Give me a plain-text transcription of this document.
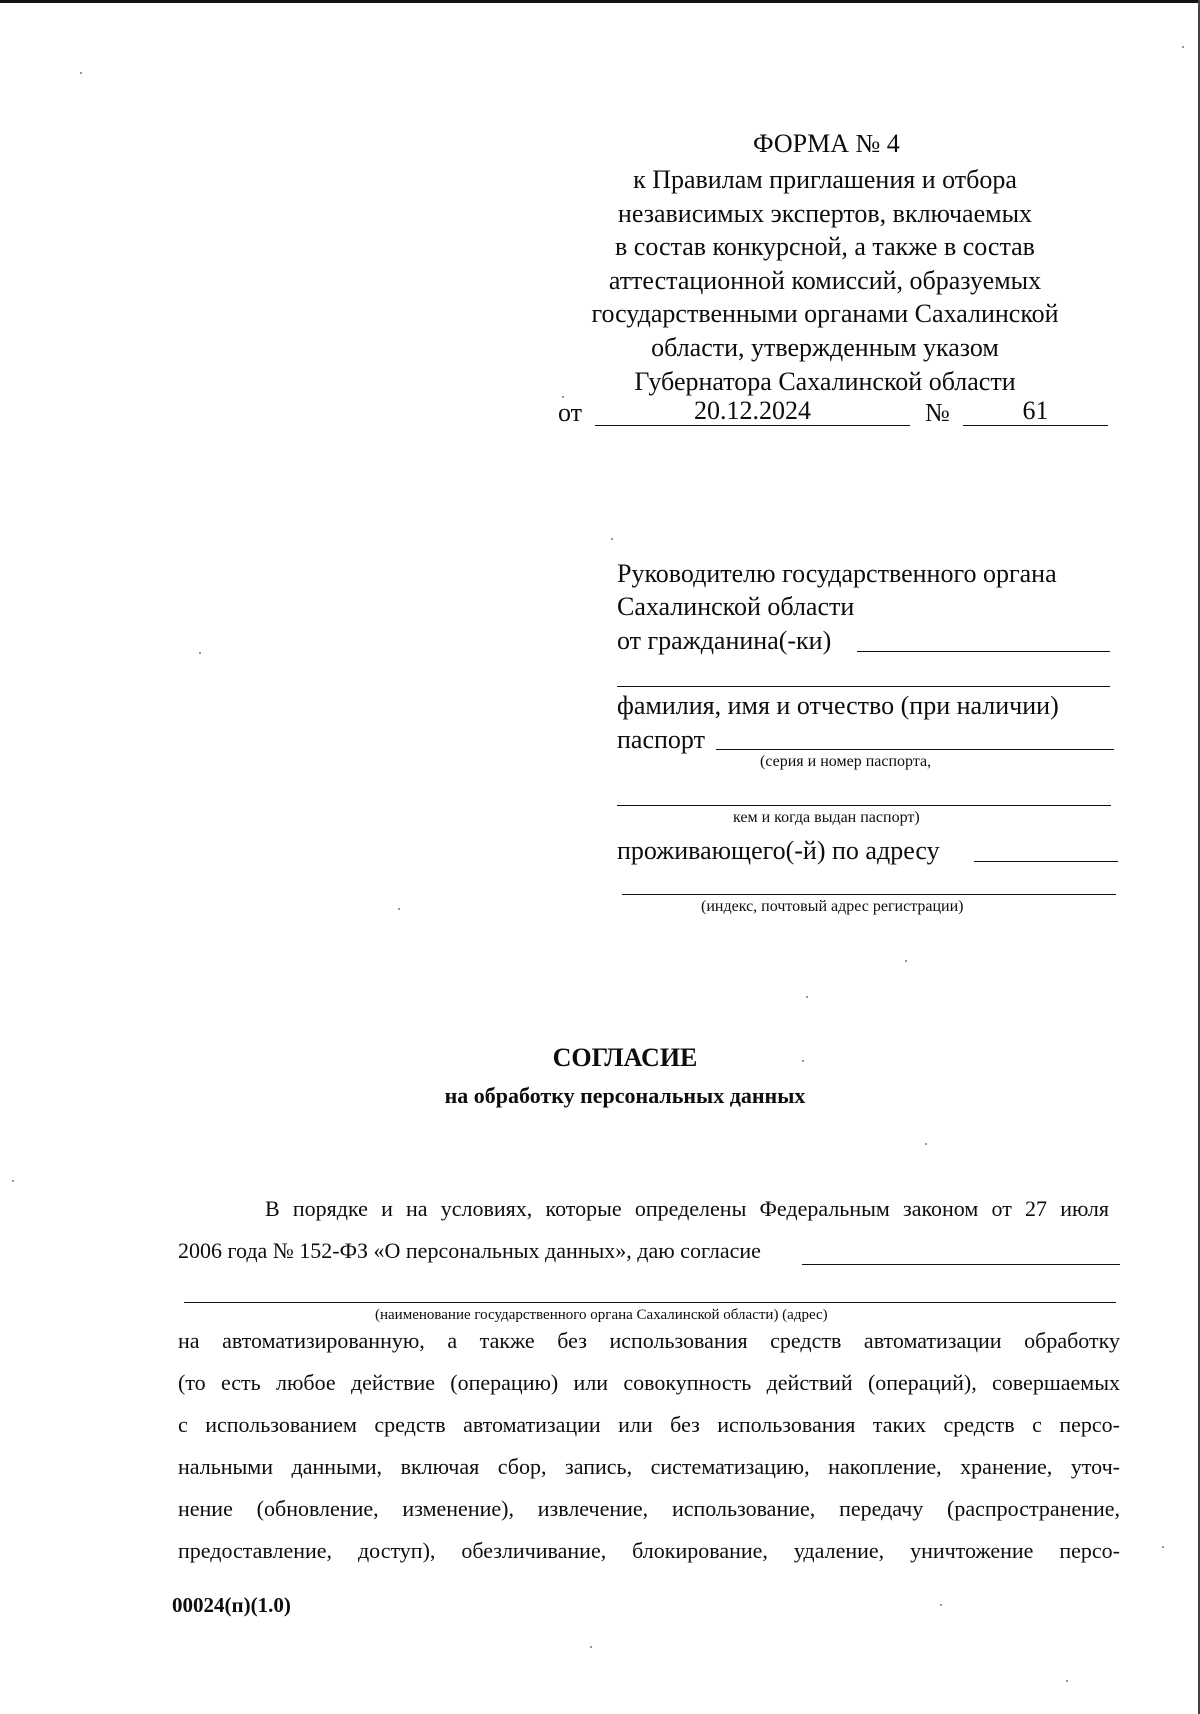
ФОРМА № 4
к Правилам приглашения и отбора
независимых экспертов, включаемых
в состав конкурсной, а также в состав
аттестационной комиссий, образуемых
государственными органами Сахалинской
области, утвержденным указом
Губернатора Сахалинской области
от	20.12.2024	№	61
Руководителю государственного органа
Сахалинской области
от гражданина(-ки)
фамилия, имя и отчество (при наличии)
паспорт
(серия и номер паспорта,
кем и когда выдан паспорт)
проживающего(-й) по адресу
(индекс, почтовый адрес регистрации)
СОГЛАСИЕ
на обработку персональных данных
В порядке и на условиях, которые определены Федеральным законом от 27 июля
2006 года № 152-ФЗ «О персональных данных», даю согласие
(наименование государственного органа Сахалинской области) (адрес)
на автоматизированную, а также без использования средств автоматизации обработку
(то есть любое действие (операцию) или совокупность действий (операций), совершаемых
с использованием средств автоматизации или без использования таких средств с персо-
нальными данными, включая сбор, запись, систематизацию, накопление, хранение, уточ-
нение (обновление, изменение), извлечение, использование, передачу (распространение,
предоставление, доступ), обезличивание, блокирование, удаление, уничтожение персо-
00024(п)(1.0)
